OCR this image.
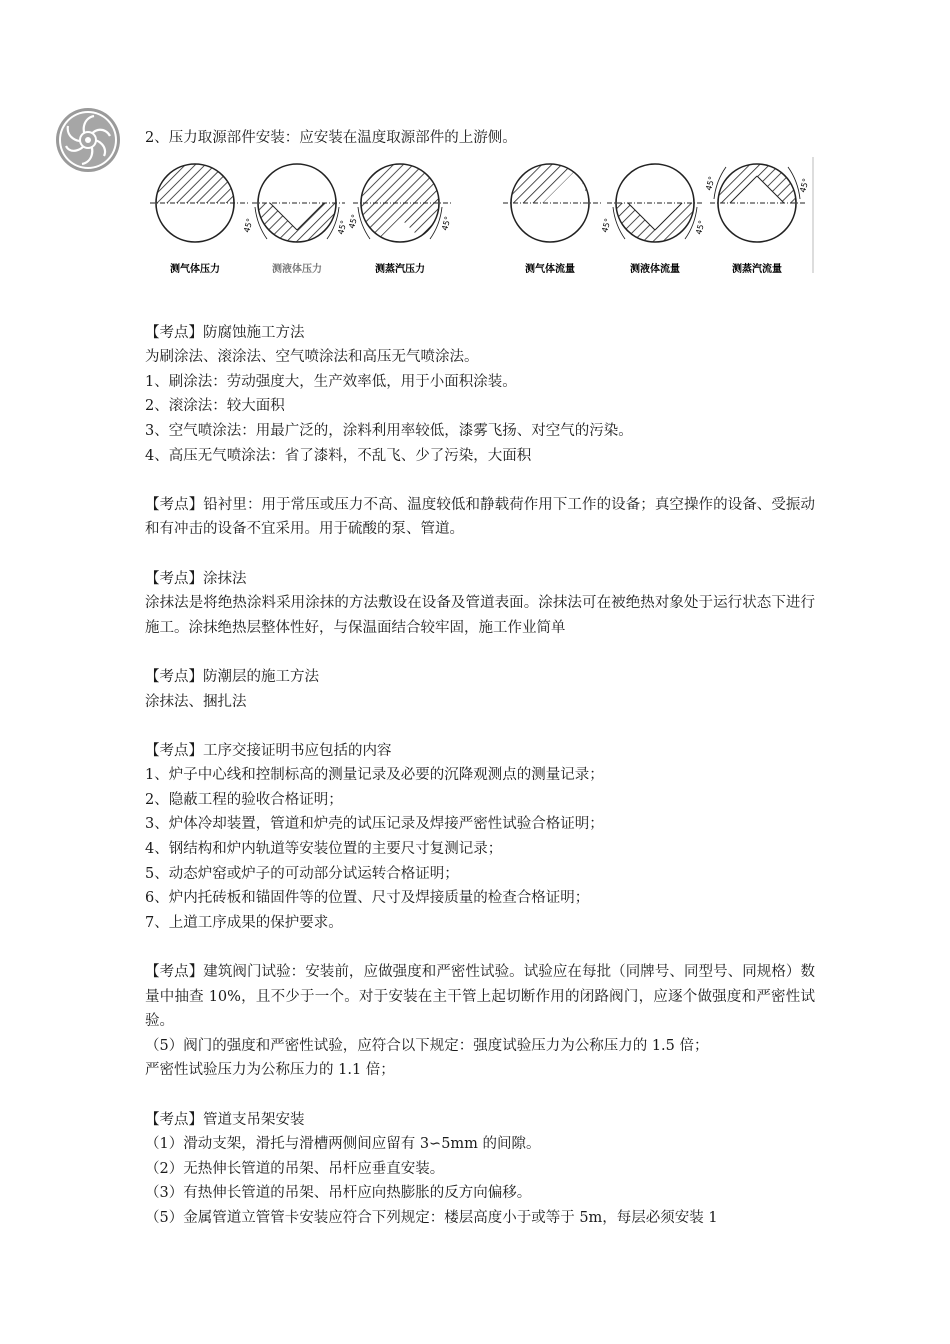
2、压力取源部件安装：应安装在温度取源部件的上游侧。
45°	45°
45°	45°	45°	45°
45°	45°
测气体压力	测液体压力	测蒸汽压力	测气体流量	测液体流量	测蒸汽流量
【考点】防腐蚀施工方法
为刷涂法、滚涂法、空气喷涂法和高压无气喷涂法。
1、刷涂法：劳动强度大，生产效率低，用于小面积涂装。
2、滚涂法：较大面积
3、空气喷涂法：用最广泛的，涂料利用率较低，漆雾飞扬、对空气的污染。
4、高压无气喷涂法：省了漆料，不乱飞、少了污染，大面积
【考点】铅衬里：用于常压或压力不高、温度较低和静载荷作用下工作的设备；真空操作的设备、受振动和有冲击的设备不宜采用。用于硫酸的泵、管道。
【考点】涂抹法
涂抹法是将绝热涂料采用涂抹的方法敷设在设备及管道表面。涂抹法可在被绝热对象处于运行状态下进行施工。涂抹绝热层整体性好，与保温面结合较牢固，施工作业简单
【考点】防潮层的施工方法
涂抹法、捆扎法
【考点】工序交接证明书应包括的内容
1、炉子中心线和控制标高的测量记录及必要的沉降观测点的测量记录；
2、隐蔽工程的验收合格证明；
3、炉体冷却装置，管道和炉壳的试压记录及焊接严密性试验合格证明；
4、钢结构和炉内轨道等安装位置的主要尺寸复测记录；
5、动态炉窑或炉子的可动部分试运转合格证明；
6、炉内托砖板和锚固件等的位置、尺寸及焊接质量的检查合格证明；
7、上道工序成果的保护要求。
【考点】建筑阀门试验：安装前，应做强度和严密性试验。试验应在每批（同牌号、同型号、同规格）数量中抽查 10%，且不少于一个。对于安装在主干管上起切断作用的闭路阀门，应逐个做强度和严密性试验。
（5）阀门的强度和严密性试验，应符合以下规定：强度试验压力为公称压力的 1.5 倍；
严密性试验压力为公称压力的 1.1 倍；
【考点】管道支吊架安装
（1）滑动支架，滑托与滑槽两侧间应留有 3∽5mm 的间隙。
（2）无热伸长管道的吊架、吊杆应垂直安装。
（3）有热伸长管道的吊架、吊杆应向热膨胀的反方向偏移。
（5）金属管道立管管卡安装应符合下列规定：楼层高度小于或等于 5m，每层必须安装 1
